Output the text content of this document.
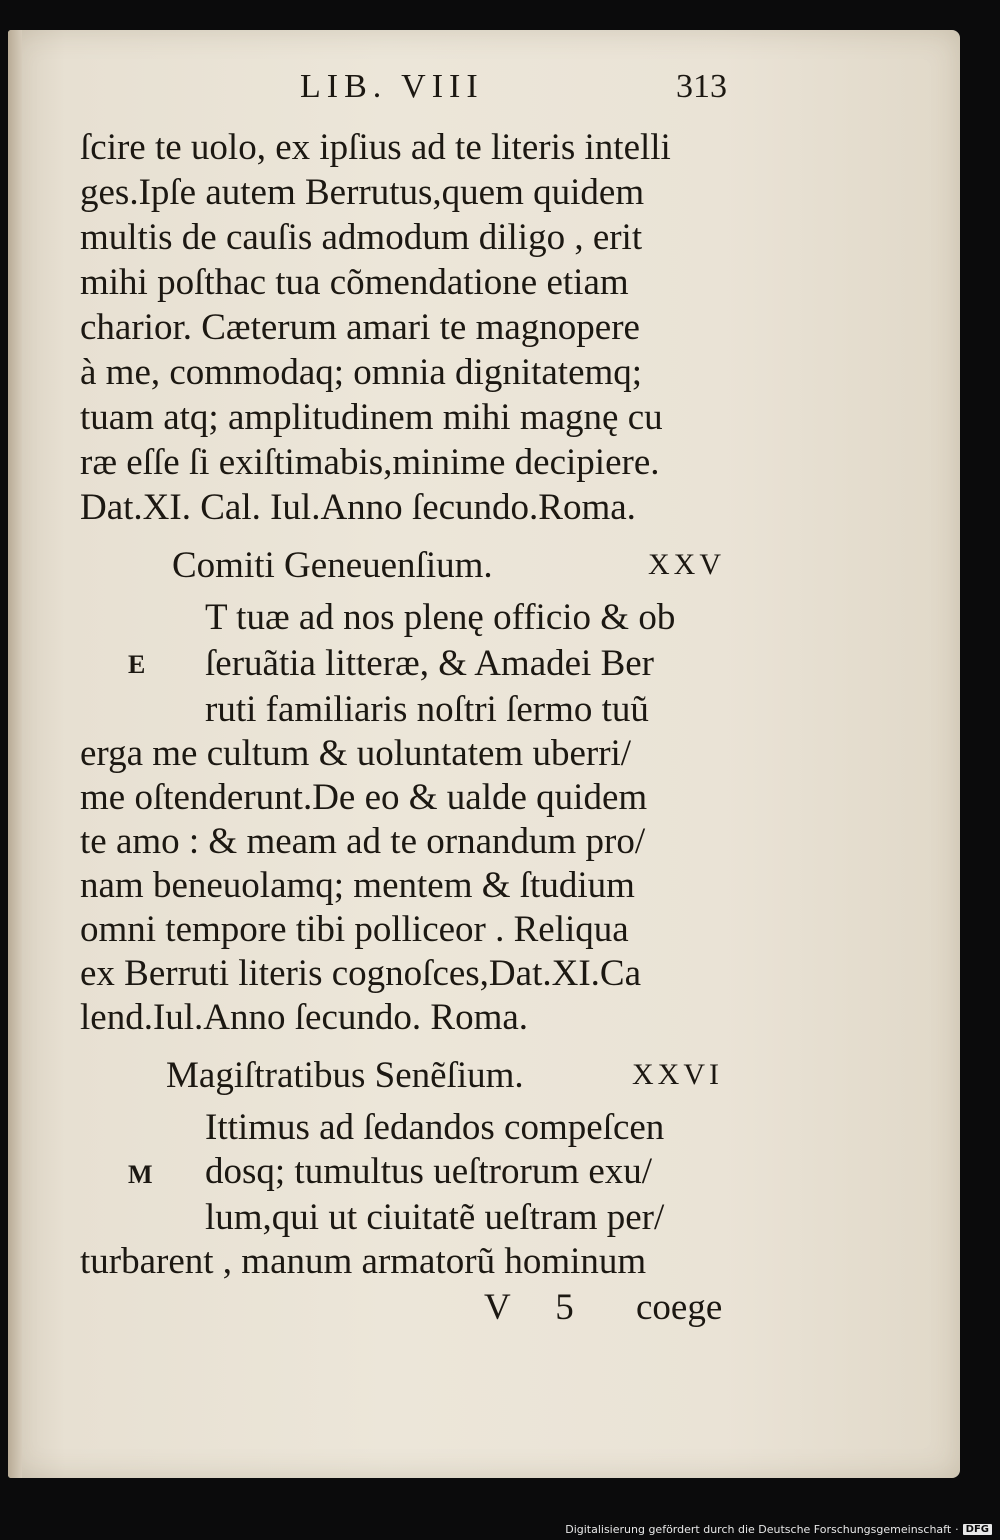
LIB. VIII	313
ſcire te uolo, ex ipſius ad te literis intelli
ges.Ipſe autem Berrutus,quem quidem
multis de cauſis admodum diligo , erit
mihi poſthac tua cõmendatione etiam
charior. Cæterum amari te magnopere
à me, commodaq; omnia dignitatemq;
tuam atq; amplitudinem mihi magnę cu
ræ eſſe ſi exiſtimabis,minime decipiere.
Dat.XI. Cal. Iul.Anno ſecundo.Roma.
Comiti Geneuenſium.	XXV
T tuæ ad nos plenę officio & ob
E ſeruãtia litteræ, & Amadei Ber
ruti familiaris noſtri ſermo tuũ
erga me cultum & uoluntatem uberri/
me oſtenderunt.De eo & ualde quidem
te amo : & meam ad te ornandum pro/
nam beneuolamq; mentem & ſtudium
omni tempore tibi polliceor . Reliqua
ex Berruti literis cognoſces,Dat.XI.Ca
lend.Iul.Anno ſecundo. Roma.
Magiſtratibus Senẽſium.	XXVI
Ittimus ad ſedandos compeſcen
M dosq; tumultus ueſtrorum exu/
lum,qui ut ciuitatẽ ueſtram per/
turbarent , manum armatorũ hominum
V 5 coege
Digitalisierung gefördert durch die Deutsche Forschungsgemeinschaft · DFG
